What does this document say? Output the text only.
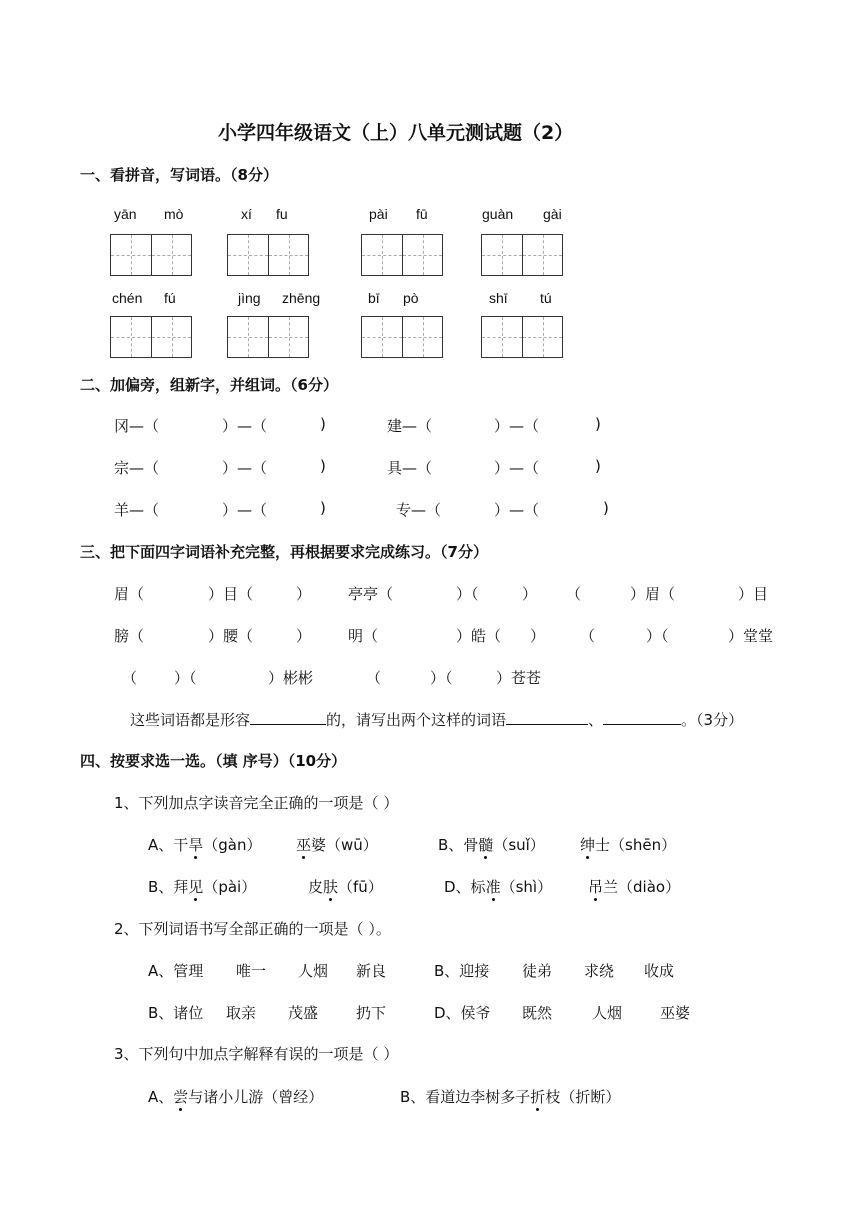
小学四年级语文（上）八单元测试题（2）
一、看拼音，写词语。（8分）
yān mò	xí fu	pài fū	guàn gài
chén fú	jìng zhēng	bī pò	shī tú
二、加偏旁，组新字，并组词。（6分）
冈—（	）—（	)	建—（	）—（	)
宗—（	）—（	)	具—（	）—（	)
羊—（	）—（	)	专—（	）—（	)
三、把下面四字词语补充完整，再根据要求完成练习。（7分）
眉（	）目（	） 亭亭（	）（	） （	）眉（	）目
膀（	）腰（	） 明（	）皓（ ） （	）（	）堂堂
（ ）（	）彬彬	（	）（	）苍苍
这些词语都是形容	的，请写出两个这样的词语	、	。（3分）
四、按要求选一选。（填 序号）（10分）
1、下列加点字读音完全正确的一项是（ ）
A、干旱（gàn） 巫婆（wū）	B、骨髓（suǐ） 绅士（shēn）
B、拜见（pài）	皮肤（fū）	D、标准（shì） 吊兰（diào）
A、管理 唯一 人烟 新良	B、迎接 徒弟 求绕 收成
B、诸位 取亲 茂盛	扔下	D、侯爷 既然	人烟	巫婆
A、尝与诸小儿游（曾经）	B、看道边李树多子折枝（折断）
2、下列词语书写全部正确的一项是（ ）。
3、下列句中加点字解释有误的一项是（ ）
